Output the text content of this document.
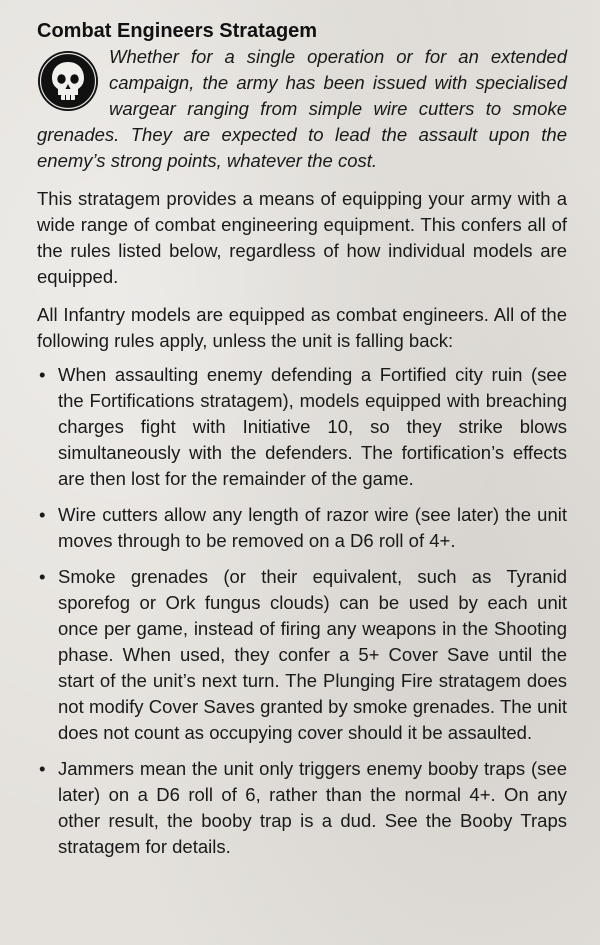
Combat Engineers Stratagem

Whether for a single operation or for an extended campaign, the army has been issued with specialised wargear ranging from simple wire cutters to smoke grenades. They are expected to lead the assault upon the enemy’s strong points, whatever the cost.

This stratagem provides a means of equipping your army with a wide range of combat engineering equipment. This confers all of the rules listed below, regardless of how individual models are equipped.

All Infantry models are equipped as combat engineers. All of the following rules apply, unless the unit is falling back:

• When assaulting enemy defending a Fortified city ruin (see the Fortifications stratagem), models equipped with breaching charges fight with Initiative 10, so they strike blows simultaneously with the defenders. The fortification’s effects are then lost for the remainder of the game.
• Wire cutters allow any length of razor wire (see later) the unit moves through to be removed on a D6 roll of 4+.
• Smoke grenades (or their equivalent, such as Tyranid sporefog or Ork fungus clouds) can be used by each unit once per game, instead of firing any weapons in the Shooting phase. When used, they confer a 5+ Cover Save until the start of the unit’s next turn. The Plunging Fire stratagem does not modify Cover Saves granted by smoke grenades. The unit does not count as occupying cover should it be assaulted.
• Jammers mean the unit only triggers enemy booby traps (see later) on a D6 roll of 6, rather than the normal 4+. On any other result, the booby trap is a dud. See the Booby Traps stratagem for details.
